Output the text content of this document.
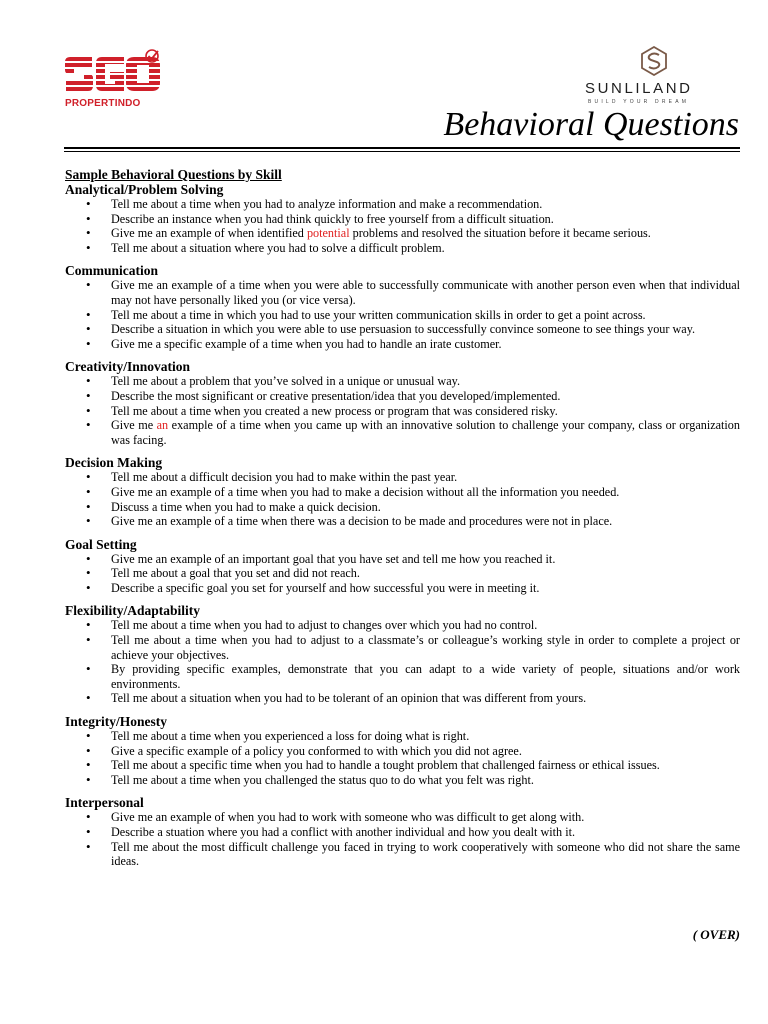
PROPERTINDO
SUNLILAND
BUILD YOUR DREAM
Behavioral Questions
Sample Behavioral Questions by Skill
Analytical/Problem Solving
• Tell me about a time when you had to analyze information and make a recommendation.
• Describe an instance when you had think quickly to free yourself from a difficult situation.
• Give me an example of when identified potential problems and resolved the situation before it became serious.
• Tell me about a situation where you had to solve a difficult problem.
Communication
• Give me an example of a time when you were able to successfully communicate with another person even when that individual may not have personally liked you (or vice versa).
• Tell me about a time in which you had to use your written communication skills in order to get a point across.
• Describe a situation in which you were able to use persuasion to successfully convince someone to see things your way.
• Give me a specific example of a time when you had to handle an irate customer.
Creativity/Innovation
• Tell me about a problem that you’ve solved in a unique or unusual way.
• Describe the most significant or creative presentation/idea that you developed/implemented.
• Tell me about a time when you created a new process or program that was considered risky.
• Give me an example of a time when you came up with an innovative solution to challenge your company, class or organization was facing.
Decision Making
• Tell me about a difficult decision you had to make within the past year.
• Give me an example of a time when you had to make a decision without all the information you needed.
• Discuss a time when you had to make a quick decision.
• Give me an example of a time when there was a decision to be made and procedures were not in place.
Goal Setting
• Give me an example of an important goal that you have set and tell me how you reached it.
• Tell me about a goal that you set and did not reach.
• Describe a specific goal you set for yourself and how successful you were in meeting it.
Flexibility/Adaptability
• Tell me about a time when you had to adjust to changes over which you had no control.
• Tell me about a time when you had to adjust to a classmate’s or colleague’s working style in order to complete a project or achieve your objectives.
• By providing specific examples, demonstrate that you can adapt to a wide variety of people, situations and/or work environments.
• Tell me about a situation when you had to be tolerant of an opinion that was different from yours.
Integrity/Honesty
• Tell me about a time when you experienced a loss for doing what is right.
• Give a specific example of a policy you conformed to with which you did not agree.
• Tell me about a specific time when you had to handle a tought problem that challenged fairness or ethical issues.
• Tell me about a time when you challenged the status quo to do what you felt was right.
Interpersonal
• Give me an example of when you had to work with someone who was difficult to get along with.
• Describe a stuation where you had a conflict with another individual and how you dealt with it.
• Tell me about the most difficult challenge you faced in trying to work cooperatively with someone who did not share the same ideas.
( OVER)
